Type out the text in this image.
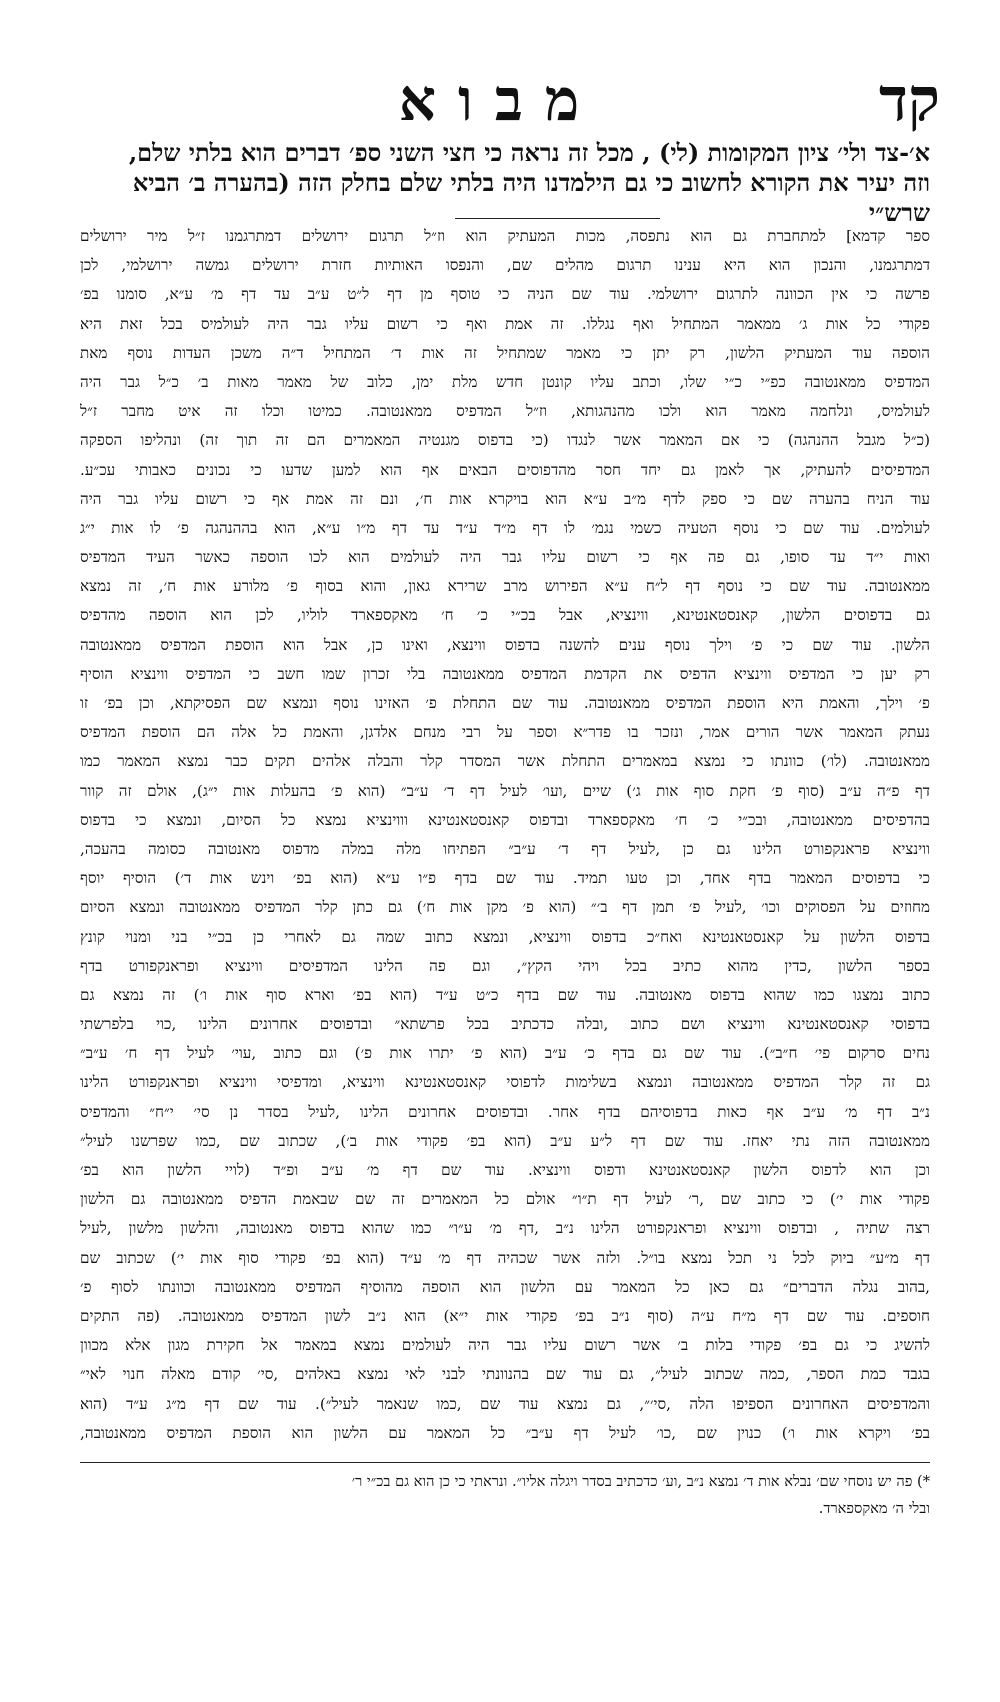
מבוא	קד
א׳-צד ולי׳ ציון המקומות (לי) , מכל זה נראה כי חצי השני ספ׳ דברים הוא בלתי שלם,
וזה יעיר את הקורא לחשוב כי גם הילמדנו היה בלתי שלם בחלק הזה (בהערה ב׳ הביא
שרש״י
ספר קדמא] למתחברת גם הוא נתפסה, מכות המעתיק הוא וז״ל תרגום ירושלים דמתרגמנו ז״ל מיר ירושלים
דמתרגמנו, והנכון הוא היא ענינו תרגום מהלים שם, והנפסו האותיות חזרת ירושלים גמשה ירושלמי, לכן
פרשה כי אין הכוונה לתרגום ירושלמי. עוד שם הניה כי טוסף מן דף ל״ט ע״ב עד דף מ׳ ע״א, סומנו בפ׳
פקודי כל אות ג׳ ממאמר המתחיל ואף נגללו. זה אמת ואף כי רשום עליו גבר היה לעולמיס בכל זאת היא
הוספה עוד המעתיק הלשון, רק יתן כי מאמר שמתחיל זה אות ד׳ המתחיל ד״ה משכן העדות נוסף מאת
המדפיס ממאנטובה כפ״י כ״י שלו, וכתב עליו קונטן חדש מלת ימן, כלוב של מאמר מאות ב׳ כ״ל גבר היה
לעולמיס, ונלחמה מאמר הוא ולכו מהנהגותא, וז״ל המדפיס ממאנטובה. כמיטו וכלו זה איט מחבר ז״ל
(כ״ל מגבל ההנהגה) כי אם המאמר אשר לנגדו (כי בדפוס מגנטיה המאמרים הם זה תוך זה) ונהליפו הספקה
המדפיסים להעתיק, אך לאמן גם יחד חסר מהדפוסים הבאים אף הוא למען שדעו כי נכונים כאבותי עכ״ע.
עוד הניח בהערה שם כי ספק לדף מ״ב ע״א הוא בויקרא אות ח׳, ונם זה אמת אף כי רשום עליו גבר היה
לעולמים. עוד שם כי נוסף הטעיה כשמי נגמ׳ לו דף מ״ד ע״ד עד דף מ״ו ע״א, הוא בההנהגה פ׳ לו אות י״ג
ואות י״ד עד סופו, גם פה אף כי רשום עליו גבר היה לעולמים הוא לכו הוספה כאשר העיד המדפיס
ממאנטובה. עוד שם כי נוסף דף ל״ח ע״א הפירוש מרב שרירא גאון, והוא בסוף פ׳ מלורע אות ח׳, זה נמצא
גם בדפוסים הלשון, קאנסטאנטינא, ווינציא, אבל בכ״י כ׳ ח׳ מאקספארד לוליו, לכן הוא הוספה מהדפיס
הלשון. עוד שם כי פ׳ וילך נוסף ענים להשנה בדפוס ווינצא, ואינו כן, אבל הוא הוספת המדפיס ממאנטובה
רק יען כי המדפיס ווינציא הדפיס את הקדמת המדפיס ממאנטובה בלי זכרון שמו חשב כי המדפיס ווינציא הוסיף
פ׳ וילך, והאמת היא הוספת המדפיס ממאנטובה. עוד שם התחלת פ׳ האזינו נוסף ונמצא שם הפסיקתא, וכן בפ׳ זו
נעתק המאמר אשר הורים אמר, ונזכר בו פדר״א וספר על רבי מנחם אלדגן, והאמת כל אלה הם הוספת המדפיס
ממאנטובה. (לו׳) כוונתו כי נמצא במאמרים התחלת אשר המסדר קלר והבלה אלהים תקים כבר נמצא המאמר כמו
דף פ״ה ע״ב (סוף פ׳ חקת סוף אות ג׳) שיים ,ועו׳ לעיל דף ד׳ ע״ב״ (הוא פ׳ בהעלות אות י״ג), אולם זה קוור
בהדפיסים ממאנטובה, ובכ״י כ׳ ח׳ מאקספארד ובדפוס קאנסטאנטינא וווינציא נמצא כל הסיום, ונמצא כי בדפוס
ווינציא פראנקפורט הלינו גם כן ,לעיל דף ד׳ ע״ב״ הפתיחו מלה במלה מדפוס מאנטובה כסומה בהעכה,
כי בדפוסים המאמר בדף אחד, וכן טעו תמיד. עוד שם בדף פ״ו ע״א (הוא בפ׳ וינש אות ד׳) הוסיף יוסף
מחוזים על הפסוקים וכו׳ ,לעיל פ׳ תמן דף ב׳״ (הוא פ׳ מקן אות ח׳) גם כתן קלר המדפיס ממאנטובה ונמצא הסיום
בדפוס הלשון על קאנסטאנטינא ואח״כ בדפוס ווינציא, ונמצא כתוב שמה גם לאחרי כן בכ״י בני ומנוי קונץ
בספר הלשון ,כדין מהוא כתיב בכל ויהי הקץ״, וגם פה הלינו המדפיסים ווינציא ופראנקפורט בדף
כתוב נמצגו כמו שהוא בדפוס מאנטובה. עוד שם בדף כ״ט ע״ד (הוא בפ׳ וארא סוף אות ו׳) זה נמצא גם
בדפוסי קאנסטאנטינא ווינציא ושם כתוב ,ובלה כדכתיב בכל פרשתא״ ובדפוסים אחרונים הלינו ,כוי בלפרשתי
נחים סרקום פי׳ ח״ב״). עוד שם גם בדף כ׳ ע״ב (הוא פ׳ יתרו אות פ׳) וגם כתוב ,עוי׳ לעיל דף ח׳ ע״ב״
גם זה קלר המדפיס ממאנטובה ונמצא בשלימות לדפוסי קאנסטאנטינא ווינציא, ומדפיסי ווינציא ופראנקפורט הלינו
נ״ב דף מ׳ ע״ב אף כאות בדפוסיהם בדף אחר. ובדפוסים אחרונים הלינו ,לעיל בסדר נן סי׳ י״ח״ והמדפיס
ממאנטובה הזה נתי יאחז. עוד שם דף ל״ע ע״ב (הוא בפ׳ פקודי אות ב׳), שכתוב שם ,כמו שפרשנו לעיל״
וכן הוא לדפוס הלשון קאנסטאנטינא ודפוס ווינציא. עוד שם דף מ׳ ע״ב ופ״ד (לויי הלשון הוא בפ׳
פקודי אות י׳) כי כתוב שם ,ר׳ לעיל דף ת״ו״ אולם כל המאמרים זה שם שבאמת הדפיס ממאנטובה גם הלשון
רצה שתיה , ובדפוס ווינציא ופראנקפורט הלינו נ״ב ,דף מ׳ ע״ו״ כמו שהוא בדפוס מאנטובה, והלשון מלשון ,לעיל
דף מ״ע״ ביוק לכל ני תכל נמצא בו״ל. ולזה אשר שכהיה דף מ׳ ע״ד (הוא בפ׳ פקודי סוף אות י׳) שכתוב שם
,בהוב נגלה הדברים״ גם כאן כל המאמר עם הלשון הוא הוספה מהוסיף המדפיס ממאנטובה וכוונתו לסוף פ׳
חוספים. עוד שם דף מ״ח ע״ה (סוף נ״ב בפ׳ פקודי אות י״א) הוא נ״ב לשון המדפיס ממאנטובה. (פה התקים
להשיג כי גם בפ׳ פקודי בלות ב׳ אשר רשום עליו גבר היה לעולמים נמצא במאמר אל חקירת מגון אלא מכוון
בגבד כמת הספר, ,כמה שכתוב לעיל״, גם עוד שם בהנוונתי לבני לאי נמצא באלהים ,סי׳ קודם מאלה חנוי לאי״
והמדפיסים האחרונים הספיפו הלה ,סי׳״, גם נמצא עוד שם ,כמו שנאמר לעיל״). עוד שם דף מ״ג ע״ד (הוא
בפ׳ ויקרא אות ו׳) כנוין שם ,כו׳ לעיל דף ע״ב״ כל המאמר עם הלשון הוא הוספת המדפיס ממאנטובה,
*) פה יש נוסחי שם׳ נבלא אות ד׳ נמצא נ״ב ,וע׳ כדכתיב בסדר ויגלה אליו״. ונראתי כי כן הוא גם בכ״י ר׳
ובלי ה׳ מאקספארד.
